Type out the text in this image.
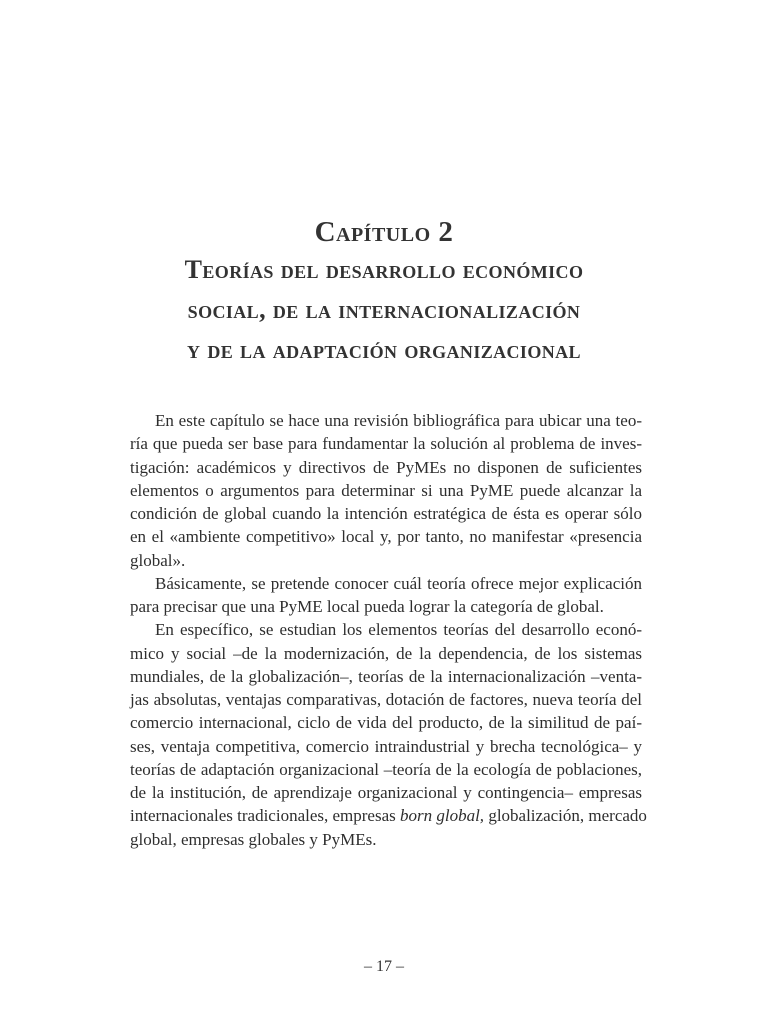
Capítulo 2
Teorías del desarrollo económico
social, de la internacionalización
y de la adaptación organizacional
En este capítulo se hace una revisión bibliográfica para ubicar una teo-
ría que pueda ser base para fundamentar la solución al problema de inves-
tigación: académicos y directivos de PyMEs no disponen de suficientes
elementos o argumentos para determinar si una PyME puede alcanzar la
condición de global cuando la intención estratégica de ésta es operar sólo
en el «ambiente competitivo» local y, por tanto, no manifestar «presencia
global».
Básicamente, se pretende conocer cuál teoría ofrece mejor explicación
para precisar que una PyME local pueda lograr la categoría de global.
En específico, se estudian los elementos teorías del desarrollo econó-
mico y social –de la modernización, de la dependencia, de los sistemas
mundiales, de la globalización–, teorías de la internacionalización –venta-
jas absolutas, ventajas comparativas, dotación de factores, nueva teoría del
comercio internacional, ciclo de vida del producto, de la similitud de paí-
ses, ventaja competitiva, comercio intraindustrial y brecha tecnológica– y
teorías de adaptación organizacional –teoría de la ecología de poblaciones,
de la institución, de aprendizaje organizacional y contingencia– empresas
internacionales tradicionales, empresas born global, globalización, mercado
global, empresas globales y PyMEs.
– 17 –
